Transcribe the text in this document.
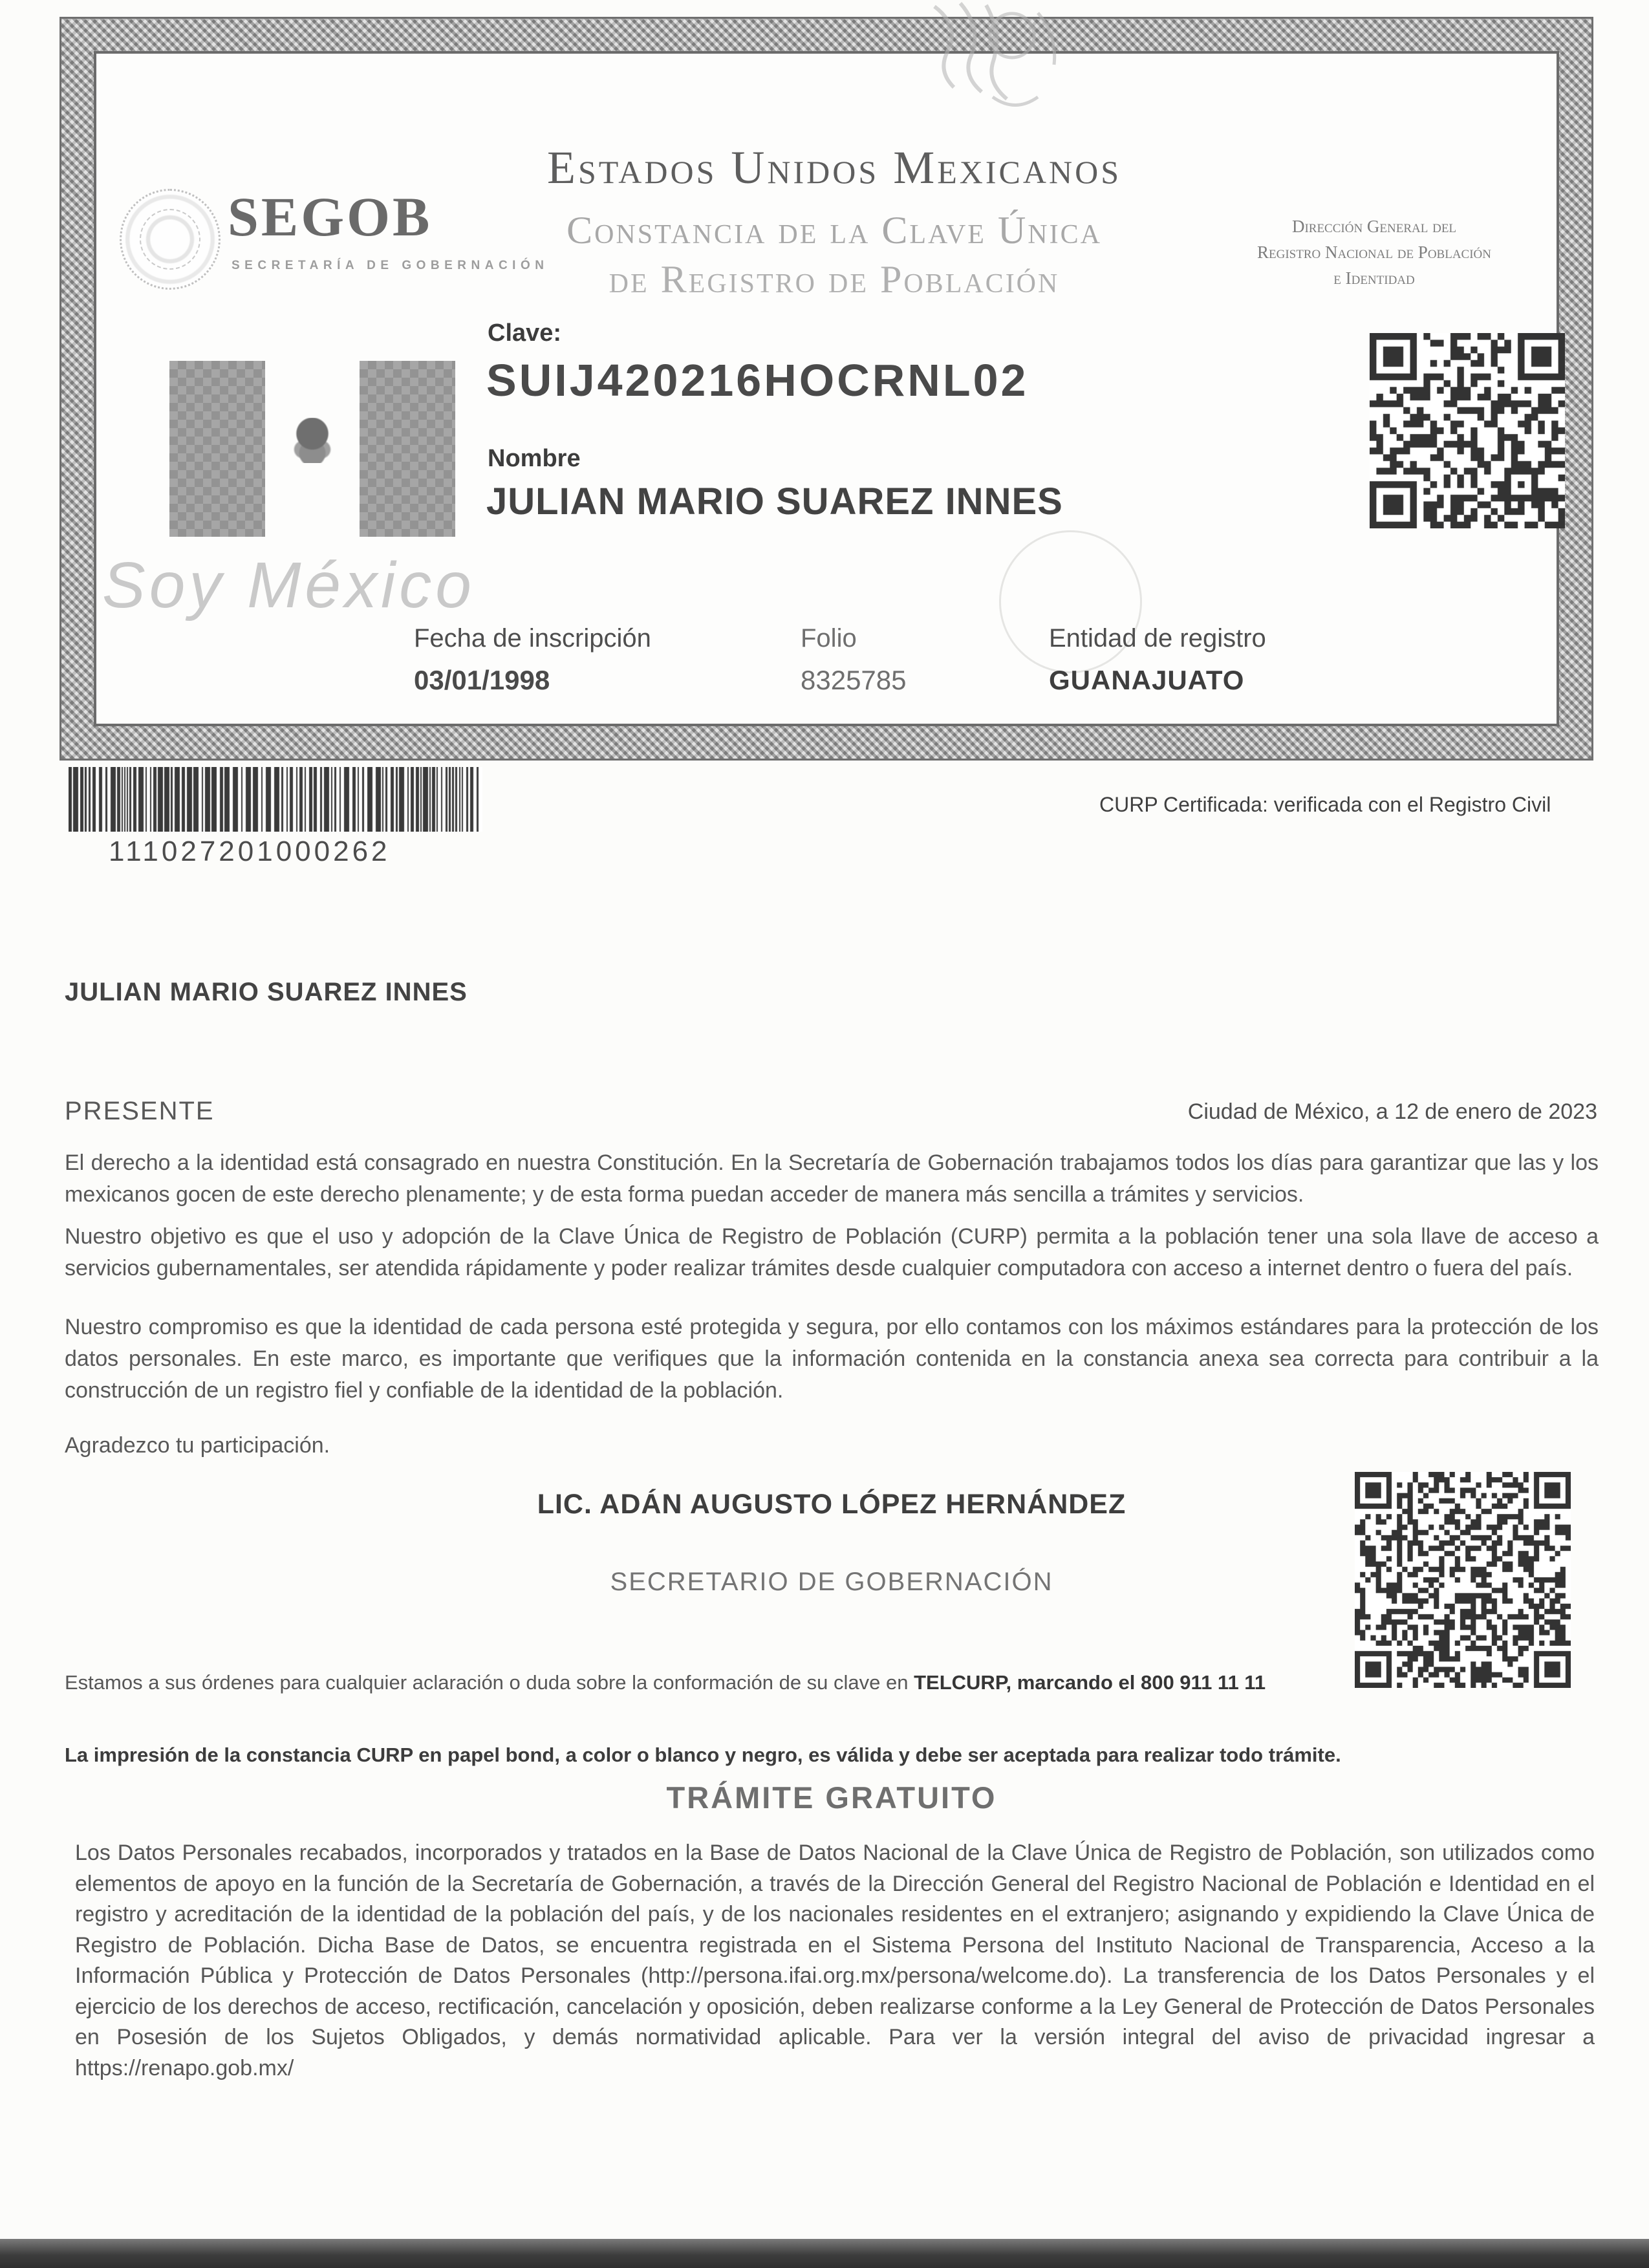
SEGOB
SECRETARÍA DE GOBERNACIÓN
Estados Unidos Mexicanos
Constancia de la Clave Única
de Registro de Población
Dirección General del
Registro Nacional de Población
e Identidad
Soy México
Clave:
SUIJ420216HOCRNL02
Nombre
JULIAN MARIO SUAREZ INNES
Fecha de inscripción
03/01/1998
Folio
8325785
Entidad de registro
GUANAJUATO
111027201000262
CURP Certificada: verificada con el Registro Civil
JULIAN MARIO SUAREZ INNES
PRESENTE	Ciudad de México, a 12 de enero de 2023
El derecho a la identidad está consagrado en nuestra Constitución. En la Secretaría de Gobernación trabajamos todos los días para garantizar que las y los mexicanos gocen de este derecho plenamente; y de esta forma puedan acceder de manera más sencilla a trámites y servicios.
Nuestro objetivo es que el uso y adopción de la Clave Única de Registro de Población (CURP) permita a la población tener una sola llave de acceso a servicios gubernamentales, ser atendida rápidamente y poder realizar trámites desde cualquier computadora con acceso a internet dentro o fuera del país.
Nuestro compromiso es que la identidad de cada persona esté protegida y segura, por ello contamos con los máximos estándares para la protección de los datos personales. En este marco, es importante que verifiques que la información contenida en la constancia anexa sea correcta para contribuir a la construcción de un registro fiel y confiable de la identidad de la población.
Agradezco tu participación.
LIC. ADÁN AUGUSTO LÓPEZ HERNÁNDEZ
SECRETARIO DE GOBERNACIÓN
Estamos a sus órdenes para cualquier aclaración o duda sobre la conformación de su clave en TELCURP, marcando el 800 911 11 11
La impresión de la constancia CURP en papel bond, a color o blanco y negro, es válida y debe ser aceptada para realizar todo trámite.
TRÁMITE GRATUITO
Los Datos Personales recabados, incorporados y tratados en la Base de Datos Nacional de la Clave Única de Registro de Población, son utilizados como elementos de apoyo en la función de la Secretaría de Gobernación, a través de la Dirección General del Registro Nacional de Población e Identidad en el registro y acreditación de la identidad de la población del país, y de los nacionales residentes en el extranjero; asignando y expidiendo la Clave Única de Registro de Población. Dicha Base de Datos, se encuentra registrada en el Sistema Persona del Instituto Nacional de Transparencia, Acceso a la Información Pública y Protección de Datos Personales (http://persona.ifai.org.mx/persona/welcome.do). La transferencia de los Datos Personales y el ejercicio de los derechos de acceso, rectificación, cancelación y oposición, deben realizarse conforme a la Ley General de Protección de Datos Personales en Posesión de los Sujetos Obligados, y demás normatividad aplicable. Para ver la versión integral del aviso de privacidad ingresar a https://renapo.gob.mx/
